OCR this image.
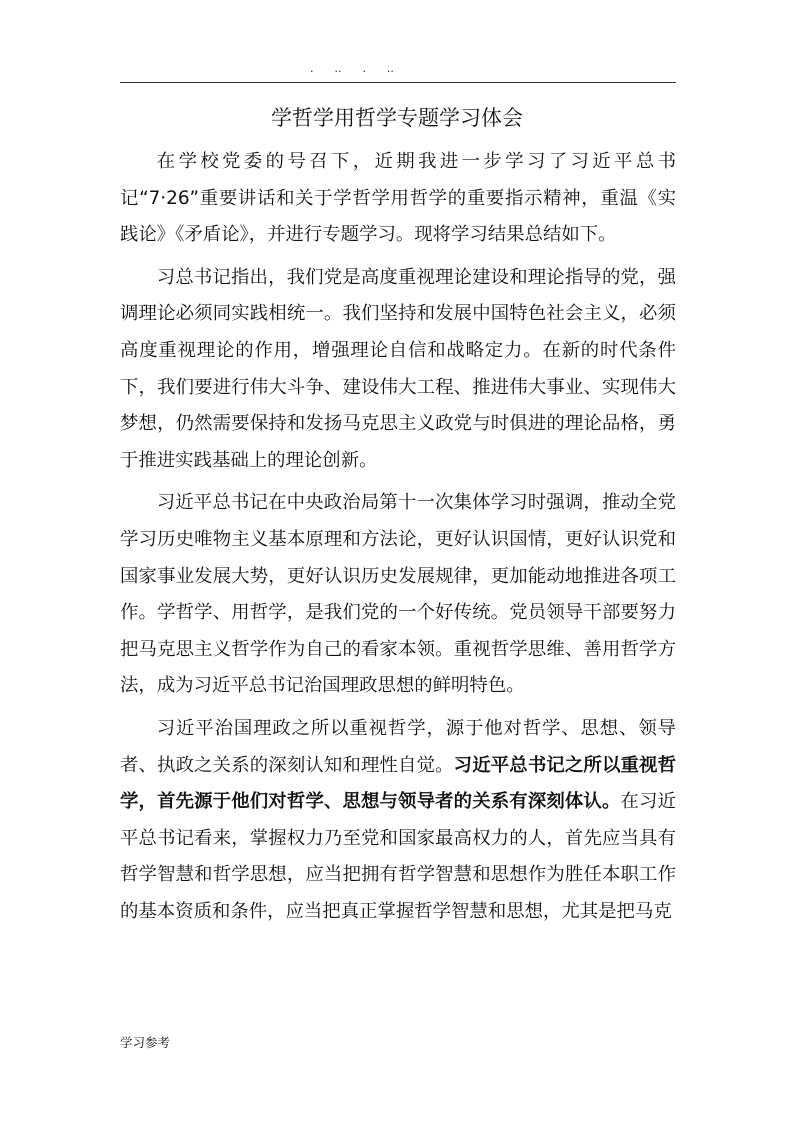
.      ..      .      ..
学哲学用哲学专题学习体会

在学校党委的号召下，近期我进一步学习了习近平总书记“7·26”重要讲话和关于学哲学用哲学的重要指示精神，重温《实践论》《矛盾论》，并进行专题学习。现将学习结果总结如下。

习总书记指出，我们党是高度重视理论建设和理论指导的党，强调理论必须同实践相统一。我们坚持和发展中国特色社会主义，必须高度重视理论的作用，增强理论自信和战略定力。在新的时代条件下，我们要进行伟大斗争、建设伟大工程、推进伟大事业、实现伟大梦想，仍然需要保持和发扬马克思主义政党与时俱进的理论品格，勇于推进实践基础上的理论创新。

习近平总书记在中央政治局第十一次集体学习时强调，推动全党学习历史唯物主义基本原理和方法论，更好认识国情，更好认识党和国家事业发展大势，更好认识历史发展规律，更加能动地推进各项工作。学哲学、用哲学，是我们党的一个好传统。党员领导干部要努力把马克思主义哲学作为自己的看家本领。重视哲学思维、善用哲学方法，成为习近平总书记治国理政思想的鲜明特色。

习近平治国理政之所以重视哲学，源于他对哲学、思想、领导者、执政之关系的深刻认知和理性自觉。习近平总书记之所以重视哲学，首先源于他们对哲学、思想与领导者的关系有深刻体认。在习近平总书记看来，掌握权力乃至党和国家最高权力的人，首先应当具有哲学智慧和哲学思想，应当把拥有哲学智慧和思想作为胜任本职工作的基本资质和条件，应当把真正掌握哲学智慧和思想，尤其是把马克

学习参考
